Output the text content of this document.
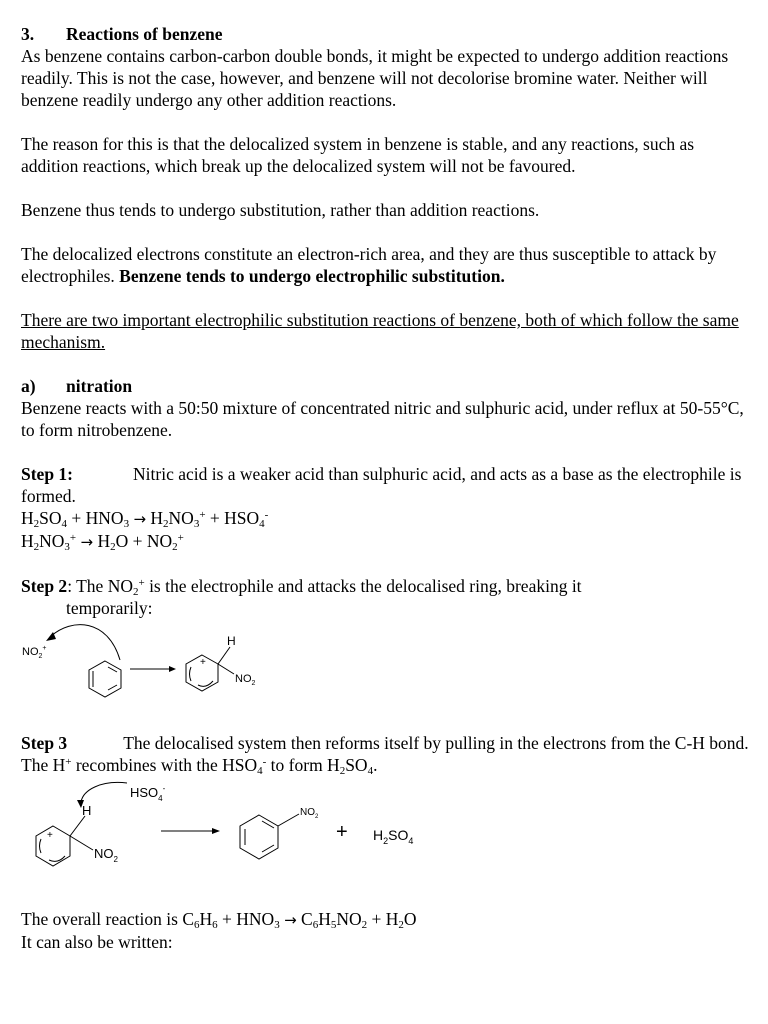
3. Reactions of benzene

As benzene contains carbon-carbon double bonds, it might be expected to undergo addition reactions readily. This is not the case, however, and benzene will not decolorise bromine water. Neither will benzene readily undergo any other addition reactions.

The reason for this is that the delocalized system in benzene is stable, and any reactions, such as addition reactions, which break up the delocalized system will not be favoured.

Benzene thus tends to undergo substitution, rather than addition reactions.

The delocalized electrons constitute an electron-rich area, and they are thus susceptible to attack by electrophiles. Benzene tends to undergo electrophilic substitution.

There are two important electrophilic substitution reactions of benzene, both of which follow the same mechanism.

a) nitration

Benzene reacts with a 50:50 mixture of concentrated nitric and sulphuric acid, under reflux at 50-55°C, to form nitrobenzene.

Step 1:	Nitric acid is a weaker acid than sulphuric acid, and acts as a base as the electrophile is formed.

$H_2SO_4 + HNO_3 \to H_2NO_3^+ + HSO_4^-$

$H_2NO_3^+ \to H_2O + NO_2^+$

Step 2: The $NO_2^+$ is the electrophile and attacks the delocalised ring, breaking it

temporarily:

$NO_2^+$
+
H
$NO_2$

Step 3	The delocalised system then reforms itself by pulling in the electrons from the C-H bond.

The H+ recombines with the $HSO_4^-$ to form $H_2SO_4$.

$HSO_4^-$
+
H
$NO_2$
$NO_2$
+ $H_2SO_4$

The overall reaction is $C_6H_6 + HNO_3 \to C_6H_5NO_2 + H_2O$

It can also be written:
